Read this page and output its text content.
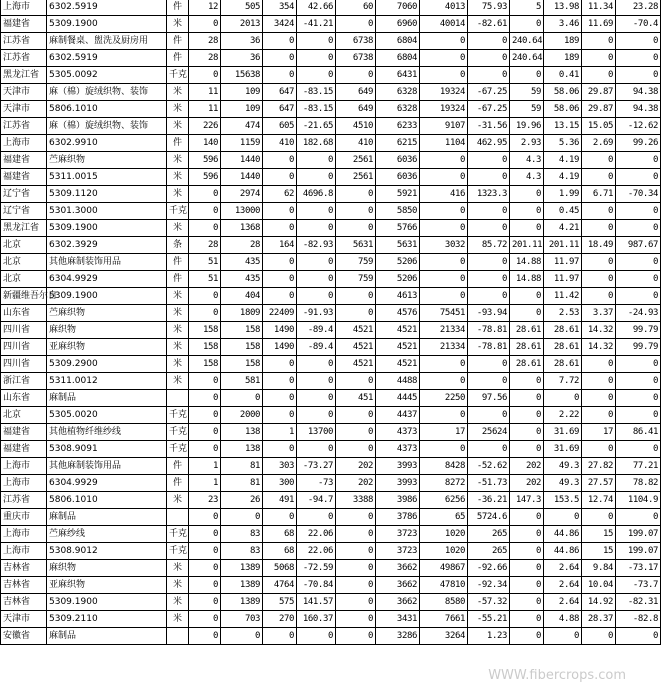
上海市	6302.5919	件	12	505	354	42.66	60	7060	4013	75.93	5	13.98	11.34	23.28
福建省	5309.1900	米	0	2013	3424	-41.21	0	6960	40014	-82.61	0	3.46	11.69	-70.4
江苏省	麻制餐桌、盥洗及厨房用	件	28	36	0	0	6738	6804	0	0	240.64	189	0	0
江苏省	6302.5919	件	28	36	0	0	6738	6804	0	0	240.64	189	0	0
黑龙江省	5305.0092	千克	0	15638	0	0	0	6431	0	0	0	0.41	0	0
天津市	麻（棉）旋绒织物、装饰	米	11	109	647	-83.15	649	6328	19324	-67.25	59	58.06	29.87	94.38
天津市	5806.1010	米	11	109	647	-83.15	649	6328	19324	-67.25	59	58.06	29.87	94.38
江苏省	麻（棉）旋绒织物、装饰	米	226	474	605	-21.65	4510	6233	9107	-31.56	19.96	13.15	15.05	-12.62
上海市	6302.9910	件	140	1159	410	182.68	410	6215	1104	462.95	2.93	5.36	2.69	99.26
福建省	苎麻织物	米	596	1440	0	0	2561	6036	0	0	4.3	4.19	0	0
福建省	5311.0015	米	596	1440	0	0	2561	6036	0	0	4.3	4.19	0	0
辽宁省	5309.1120	米	0	2974	62	4696.8	0	5921	416	1323.3	0	1.99	6.71	-70.34
辽宁省	5301.3000	千克	0	13000	0	0	0	5850	0	0	0	0.45	0	0
黑龙江省	5309.1900	米	0	1368	0	0	0	5766	0	0	0	4.21	0	0
北京	6302.3929	条	28	28	164	-82.93	5631	5631	3032	85.72	201.11	201.11	18.49	987.67
北京	其他麻制装饰用品	件	51	435	0	0	759	5206	0	0	14.88	11.97	0	0
北京	6304.9929	件	51	435	0	0	759	5206	0	0	14.88	11.97	0	0
新疆维吾尔自	5309.1900	米	0	404	0	0	0	4613	0	0	0	11.42	0	0
山东省	苎麻织物	米	0	1809	22409	-91.93	0	4576	75451	-93.94	0	2.53	3.37	-24.93
四川省	麻织物	米	158	158	1490	-89.4	4521	4521	21334	-78.81	28.61	28.61	14.32	99.79
四川省	亚麻织物	米	158	158	1490	-89.4	4521	4521	21334	-78.81	28.61	28.61	14.32	99.79
四川省	5309.2900	米	158	158	0	0	4521	4521	0	0	28.61	28.61	0	0
浙江省	5311.0012	米	0	581	0	0	0	4488	0	0	0	7.72	0	0
山东省	麻制品		0	0	0	0	451	4445	2250	97.56	0	0	0	0
北京	5305.0020	千克	0	2000	0	0	0	4437	0	0	0	2.22	0	0
福建省	其他植物纤维纱线	千克	0	138	1	13700	0	4373	17	25624	0	31.69	17	86.41
福建省	5308.9091	千克	0	138	0	0	0	4373	0	0	0	31.69	0	0
上海市	其他麻制装饰用品	件	1	81	303	-73.27	202	3993	8428	-52.62	202	49.3	27.82	77.21
上海市	6304.9929	件	1	81	300	-73	202	3993	8272	-51.73	202	49.3	27.57	78.82
江苏省	5806.1010	米	23	26	491	-94.7	3388	3986	6256	-36.21	147.3	153.5	12.74	1104.9
重庆市	麻制品		0	0	0	0	0	3786	65	5724.6	0	0	0	0
上海市	苎麻纱线	千克	0	83	68	22.06	0	3723	1020	265	0	44.86	15	199.07
上海市	5308.9012	千克	0	83	68	22.06	0	3723	1020	265	0	44.86	15	199.07
吉林省	麻织物	米	0	1389	5068	-72.59	0	3662	49867	-92.66	0	2.64	9.84	-73.17
吉林省	亚麻织物	米	0	1389	4764	-70.84	0	3662	47810	-92.34	0	2.64	10.04	-73.7
吉林省	5309.1900	米	0	1389	575	141.57	0	3662	8580	-57.32	0	2.64	14.92	-82.31
天津市	5309.2110	米	0	703	270	160.37	0	3431	7661	-55.21	0	4.88	28.37	-82.8
安徽省	麻制品		0	0	0	0	0	3286	3264	1.23	0	0	0	0
WWW.fibercrops.com
